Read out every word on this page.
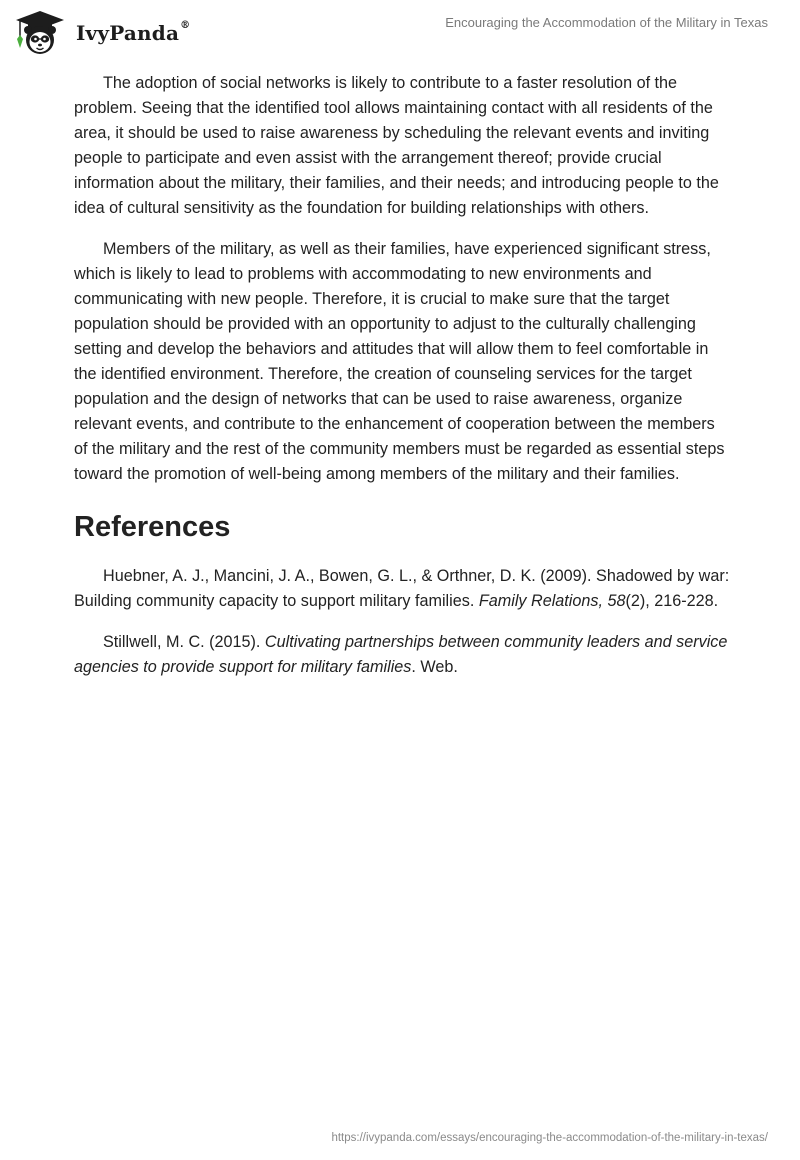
IvyPanda®	Encouraging the Accommodation of the Military in Texas

The adoption of social networks is likely to contribute to a faster resolution of the problem. Seeing that the identified tool allows maintaining contact with all residents of the area, it should be used to raise awareness by scheduling the relevant events and inviting people to participate and even assist with the arrangement thereof; provide crucial information about the military, their families, and their needs; and introducing people to the idea of cultural sensitivity as the foundation for building relationships with others.

Members of the military, as well as their families, have experienced significant stress, which is likely to lead to problems with accommodating to new environments and communicating with new people. Therefore, it is crucial to make sure that the target population should be provided with an opportunity to adjust to the culturally challenging setting and develop the behaviors and attitudes that will allow them to feel comfortable in the identified environment. Therefore, the creation of counseling services for the target population and the design of networks that can be used to raise awareness, organize relevant events, and contribute to the enhancement of cooperation between the members of the military and the rest of the community members must be regarded as essential steps toward the promotion of well-being among members of the military and their families.

References

Huebner, A. J., Mancini, J. A., Bowen, G. L., & Orthner, D. K. (2009). Shadowed by war: Building community capacity to support military families. Family Relations, 58(2), 216-228.

Stillwell, M. C. (2015). Cultivating partnerships between community leaders and service agencies to provide support for military families. Web.

https://ivypanda.com/essays/encouraging-the-accommodation-of-the-military-in-texas/
